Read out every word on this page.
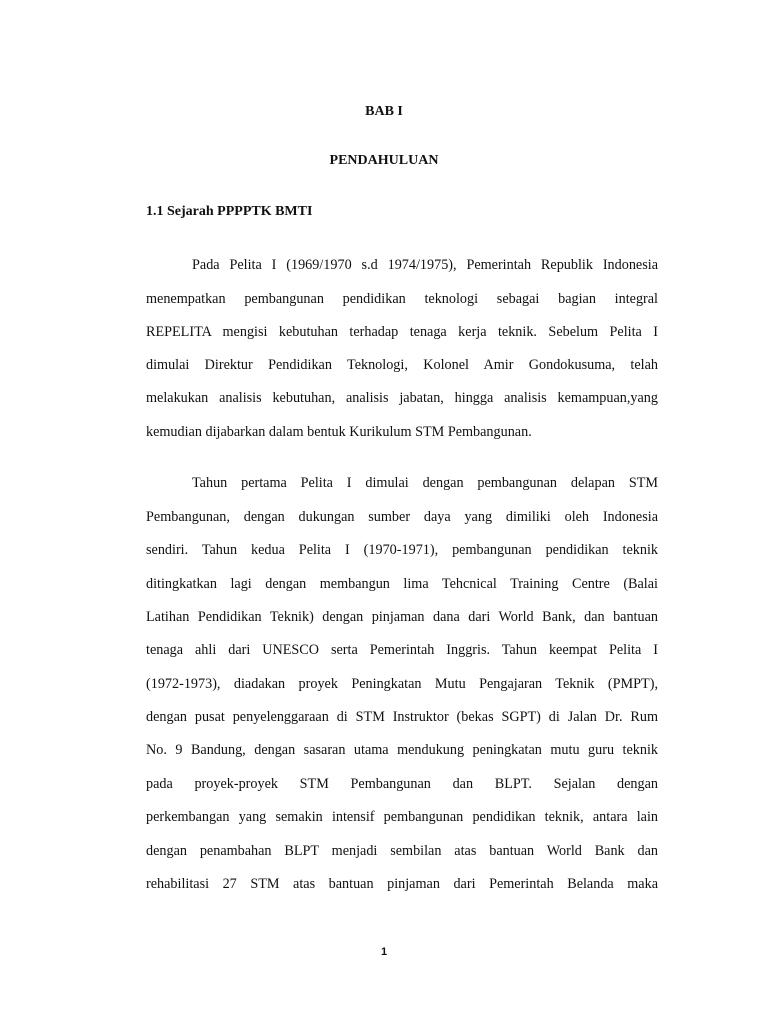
BAB I
PENDAHULUAN
1.1 Sejarah PPPPTK BMTI
Pada Pelita I (1969/1970 s.d 1974/1975), Pemerintah Republik Indonesia
menempatkan pembangunan pendidikan teknologi sebagai bagian integral
REPELITA mengisi kebutuhan terhadap tenaga kerja teknik. Sebelum Pelita I
dimulai Direktur Pendidikan Teknologi, Kolonel Amir Gondokusuma, telah
melakukan analisis kebutuhan, analisis jabatan, hingga analisis kemampuan,yang
kemudian dijabarkan dalam bentuk Kurikulum STM Pembangunan.
Tahun pertama Pelita I dimulai dengan pembangunan delapan STM
Pembangunan, dengan dukungan sumber daya yang dimiliki oleh Indonesia
sendiri. Tahun kedua Pelita I (1970-1971), pembangunan pendidikan teknik
ditingkatkan lagi dengan membangun lima Tehcnical Training Centre (Balai
Latihan Pendidikan Teknik) dengan pinjaman dana dari World Bank, dan bantuan
tenaga ahli dari UNESCO serta Pemerintah Inggris. Tahun keempat Pelita I
(1972-1973), diadakan proyek Peningkatan Mutu Pengajaran Teknik (PMPT),
dengan pusat penyelenggaraan di STM Instruktor (bekas SGPT) di Jalan Dr. Rum
No. 9 Bandung, dengan sasaran utama mendukung peningkatan mutu guru teknik
pada proyek-proyek STM Pembangunan dan BLPT. Sejalan dengan
perkembangan yang semakin intensif pembangunan pendidikan teknik, antara lain
dengan penambahan BLPT menjadi sembilan atas bantuan World Bank dan
rehabilitasi 27 STM atas bantuan pinjaman dari Pemerintah Belanda maka
1
